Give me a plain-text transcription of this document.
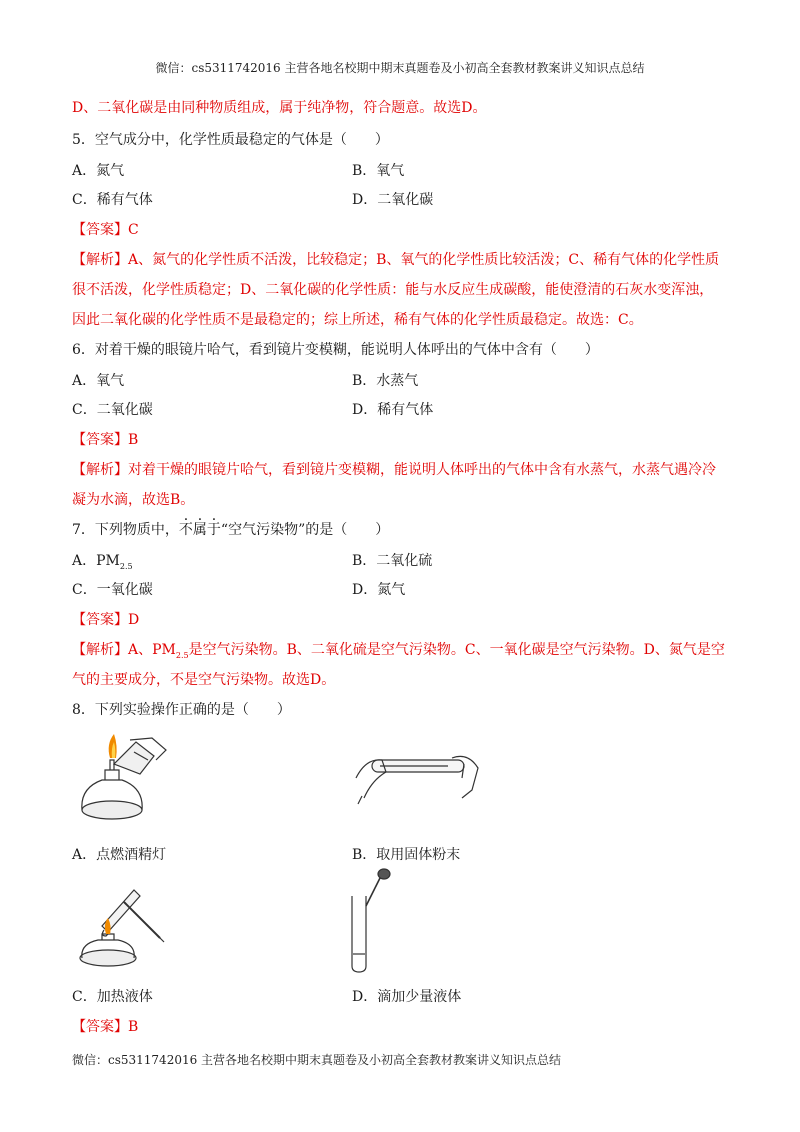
微信：cs5311742016 主营各地名校期中期末真题卷及小初高全套教材教案讲义知识点总结
D、二氧化碳是由同种物质组成，属于纯净物，符合题意。故选D。
5．空气成分中，化学性质最稳定的气体是（　　）
A．氮气	B．氧气
C．稀有气体	D．二氧化碳
【答案】C
【解析】A、氮气的化学性质不活泼，比较稳定；B、氧气的化学性质比较活泼；C、稀有气体的化学性质
很不活泼，化学性质稳定；D、二氧化碳的化学性质：能与水反应生成碳酸，能使澄清的石灰水变浑浊，
因此二氧化碳的化学性质不是最稳定的；综上所述，稀有气体的化学性质最稳定。故选：C。
6．对着干燥的眼镜片哈气，看到镜片变模糊，能说明人体呼出的气体中含有（　　）
A．氧气	B．水蒸气
C．二氧化碳	D．稀有气体
【答案】B
【解析】对着干燥的眼镜片哈气，看到镜片变模糊，能说明人体呼出的气体中含有水蒸气，水蒸气遇冷冷
凝为水滴，故选B。
7．下列物质中，不属于“空气污染物”的是（　　）
A．$PM_{2.5}$	B．二氧化硫
C．一氧化碳	D．氮气
【答案】D
【解析】A、$PM_{2.5}$是空气污染物。B、二氧化硫是空气污染物。C、一氧化碳是空气污染物。D、氮气是空
气的主要成分，不是空气污染物。故选D。
8．下列实验操作正确的是（　　）
A．点燃酒精灯	B．取用固体粉末
C．加热液体	D．滴加少量液体
【答案】B
微信：cs5311742016 主营各地名校期中期末真题卷及小初高全套教材教案讲义知识点总结
